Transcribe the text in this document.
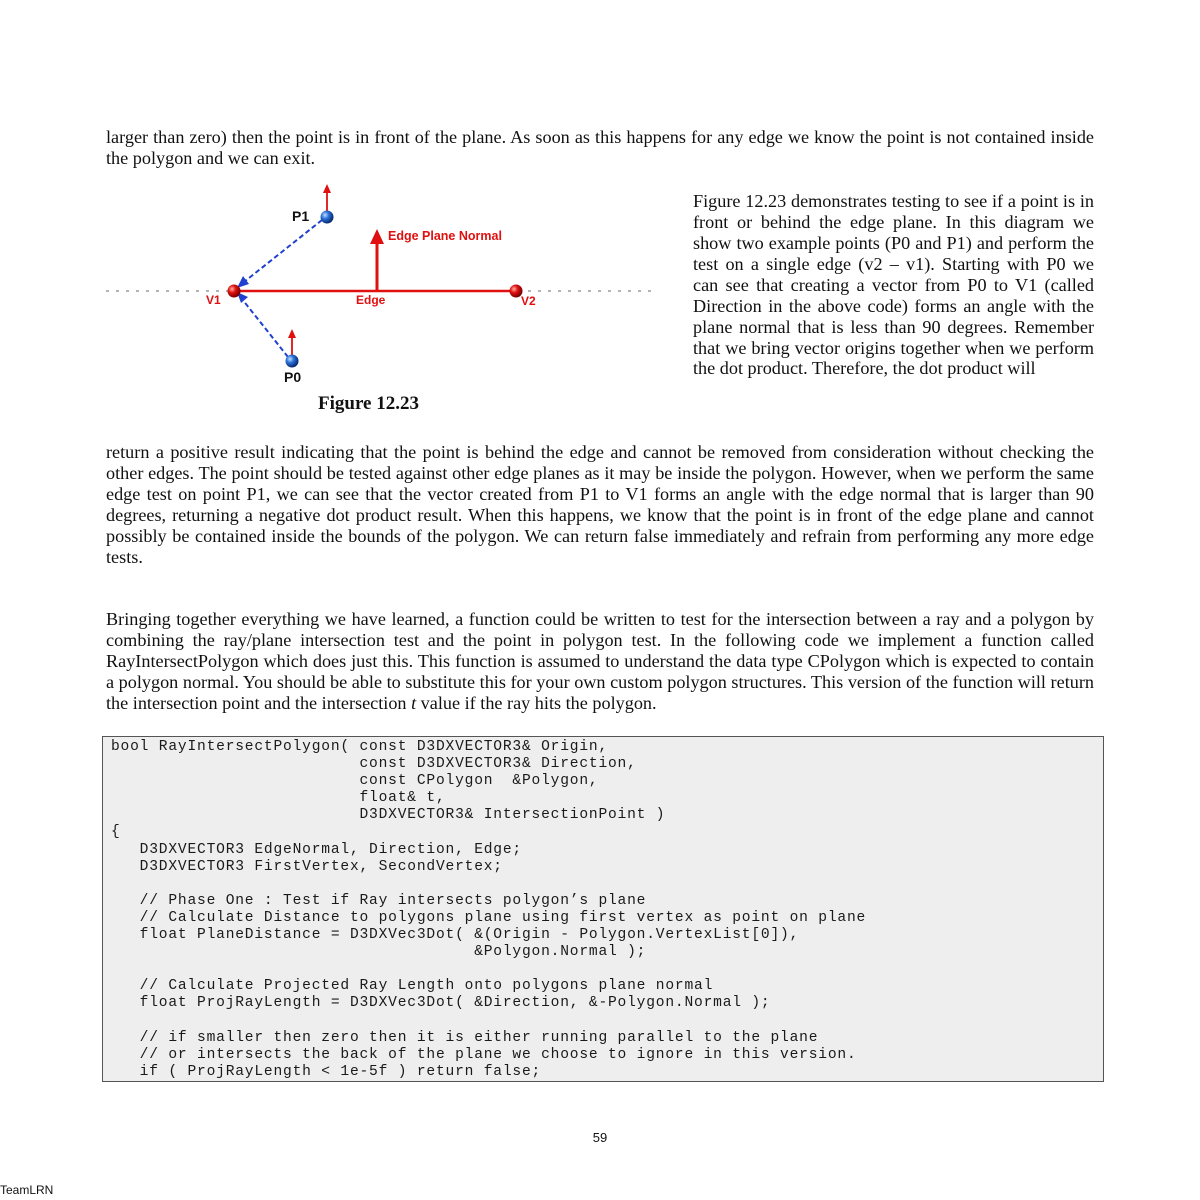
larger than zero) then the point is in front of the plane. As soon as this happens for any edge we know the point is not contained inside the polygon and we can exit.

P1
P0
V1	V2
Edge
Edge Plane Normal
Figure 12.23

Figure 12.23 demonstrates testing to see if a point is in front or behind the edge plane. In this diagram we show two example points (P0 and P1) and perform the test on a single edge (v2 – v1). Starting with P0 we can see that creating a vector from P0 to V1 (called Direction in the above code) forms an angle with the plane normal that is less than 90 degrees. Remember that we bring vector origins together when we perform the dot product. Therefore, the dot product will

return a positive result indicating that the point is behind the edge and cannot be removed from consideration without checking the other edges. The point should be tested against other edge planes as it may be inside the polygon. However, when we perform the same edge test on point P1, we can see that the vector created from P1 to V1 forms an angle with the edge normal that is larger than 90 degrees, returning a negative dot product result. When this happens, we know that the point is in front of the edge plane and cannot possibly be contained inside the bounds of the polygon. We can return false immediately and refrain from performing any more edge tests.

Bringing together everything we have learned, a function could be written to test for the intersection between a ray and a polygon by combining the ray/plane intersection test and the point in polygon test. In the following code we implement a function called RayIntersectPolygon which does just this. This function is assumed to understand the data type CPolygon which is expected to contain a polygon normal. You should be able to substitute this for your own custom polygon structures. This version of the function will return the intersection point and the intersection t value if the ray hits the polygon.

bool RayIntersectPolygon( const D3DXVECTOR3& Origin,
const D3DXVECTOR3& Direction,
const CPolygon  &Polygon,
float& t,
D3DXVECTOR3& IntersectionPoint )
{
D3DXVECTOR3 EdgeNormal, Direction, Edge;
D3DXVECTOR3 FirstVertex, SecondVertex;

// Phase One : Test if Ray intersects polygon’s plane
// Calculate Distance to polygons plane using first vertex as point on plane
float PlaneDistance = D3DXVec3Dot( &(Origin - Polygon.VertexList[0]),
&Polygon.Normal );

// Calculate Projected Ray Length onto polygons plane normal
float ProjRayLength = D3DXVec3Dot( &Direction, &-Polygon.Normal );

// if smaller then zero then it is either running parallel to the plane
// or intersects the back of the plane we choose to ignore in this version.
if ( ProjRayLength < 1e-5f ) return false;
59
TeamLRN
